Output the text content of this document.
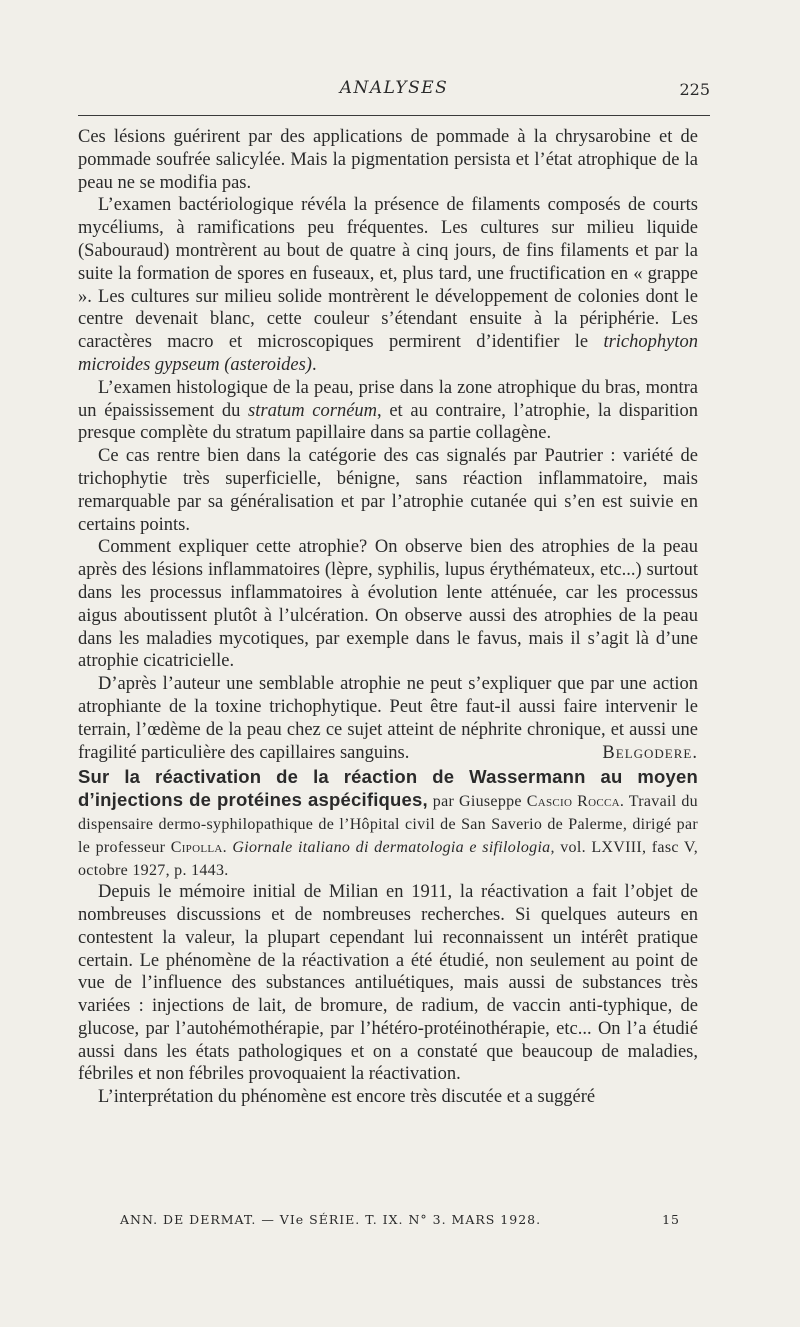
ANALYSES	225

Ces lésions guérirent par des applications de pommade à la chrysarobine et de pommade soufrée salicylée. Mais la pigmentation persista et l’état atrophique de la peau ne se modifia pas.

L’examen bactériologique révéla la présence de filaments composés de courts mycéliums, à ramifications peu fréquentes. Les cultures sur milieu liquide (Sabouraud) montrèrent au bout de quatre à cinq jours, de fins filaments et par la suite la formation de spores en fuseaux, et, plus tard, une fructification en « grappe ». Les cultures sur milieu solide montrèrent le développement de colonies dont le centre devenait blanc, cette couleur s’étendant ensuite à la périphérie. Les caractères macro et microscopiques permirent d’identifier le trichophyton microides gypseum (asteroides).

L’examen histologique de la peau, prise dans la zone atrophique du bras, montra un épaississement du stratum cornéum, et au contraire, l’atrophie, la disparition presque complète du stratum papillaire dans sa partie collagène.

Ce cas rentre bien dans la catégorie des cas signalés par Pautrier : variété de trichophytie très superficielle, bénigne, sans réaction inflammatoire, mais remarquable par sa généralisation et par l’atrophie cutanée qui s’en est suivie en certains points.

Comment expliquer cette atrophie? On observe bien des atrophies de la peau après des lésions inflammatoires (lèpre, syphilis, lupus érythémateux, etc...) surtout dans les processus inflammatoires à évolution lente atténuée, car les processus aigus aboutissent plutôt à l’ulcération. On observe aussi des atrophies de la peau dans les maladies mycotiques, par exemple dans le favus, mais il s’agit là d’une atrophie cicatricielle.

D’après l’auteur une semblable atrophie ne peut s’expliquer que par une action atrophiante de la toxine trichophytique. Peut être faut-il aussi faire intervenir le terrain, l’œdème de la peau chez ce sujet atteint de néphrite chronique, et aussi une fragilité particulière des capillaires sanguins.	Belgodere.

Sur la réactivation de la réaction de Wassermann au moyen d’injections de protéines aspécifiques, par Giuseppe Cascio Rocca. Travail du dispensaire dermo-syphilopathique de l’Hôpital civil de San Saverio de Palerme, dirigé par le professeur Cipolla. Giornale italiano di dermatologia e sifilologia, vol. LXVIII, fasc V, octobre 1927, p. 1443.

Depuis le mémoire initial de Milian en 1911, la réactivation a fait l’objet de nombreuses discussions et de nombreuses recherches. Si quelques auteurs en contestent la valeur, la plupart cependant lui reconnaissent un intérêt pratique certain. Le phénomène de la réactivation a été étudié, non seulement au point de vue de l’influence des substances antiluétiques, mais aussi de substances très variées : injections de lait, de bromure, de radium, de vaccin anti-typhique, de glucose, par l’autohémothérapie, par l’hétéro-protéinothérapie, etc... On l’a étudié aussi dans les états pathologiques et on a constaté que beaucoup de maladies, fébriles et non fébriles provoquaient la réactivation.

L’interprétation du phénomène est encore très discutée et a suggéré

ANN. DE DERMAT. — VIe SÉRIE. T. IX. N° 3. MARS 1928.	15
